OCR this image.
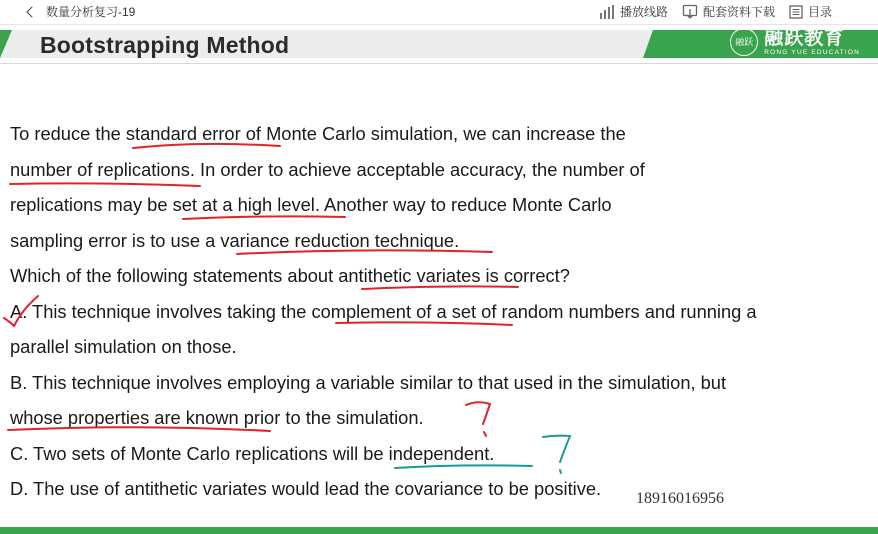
数量分析复习-19	播放线路	配套资料下载	目录
Bootstrapping Method	融跃 融跃教育
RONG YUE EDUCATION
To reduce the standard error of Monte Carlo simulation, we can increase the
number of replications. In order to achieve acceptable accuracy, the number of
replications may be set at a high level. Another way to reduce Monte Carlo
sampling error is to use a variance reduction technique.
Which of the following statements about antithetic variates is correct?
A. This technique involves taking the complement of a set of random numbers and running a
parallel simulation on those.
B. This technique involves employing a variable similar to that used in the simulation, but
whose properties are known prior to the simulation.
C. Two sets of Monte Carlo replications will be independent.
D. The use of antithetic variates would lead the covariance to be positive.	18916016956
